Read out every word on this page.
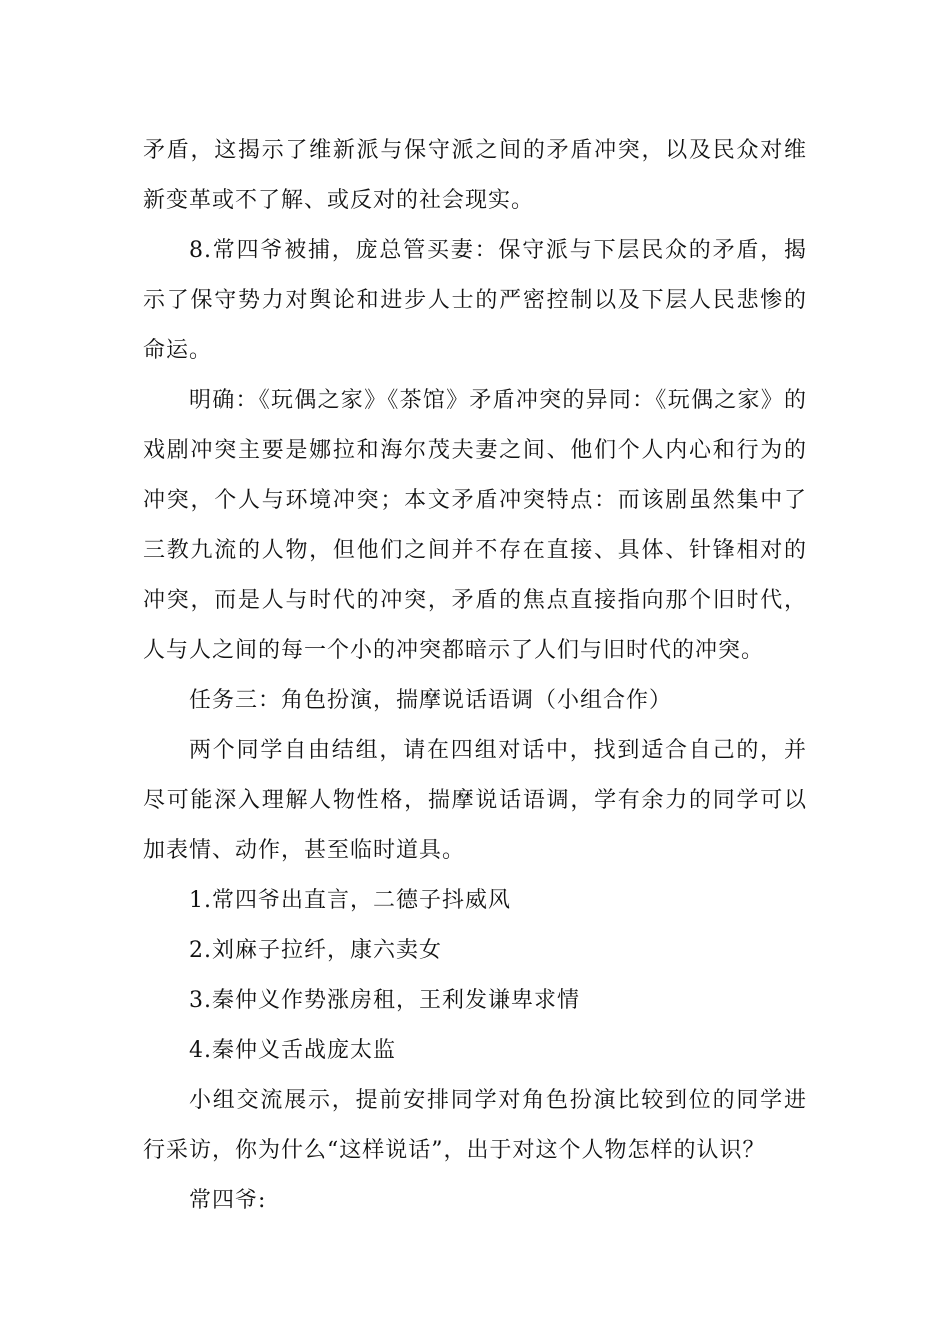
矛盾，这揭示了维新派与保守派之间的矛盾冲突，以及民众对维新变革或不了解、或反对的社会现实。

8.常四爷被捕，庞总管买妻：保守派与下层民众的矛盾，揭示了保守势力对舆论和进步人士的严密控制以及下层人民悲惨的命运。

明确：《玩偶之家》《茶馆》矛盾冲突的异同：《玩偶之家》的戏剧冲突主要是娜拉和海尔茂夫妻之间、他们个人内心和行为的冲突，个人与环境冲突；本文矛盾冲突特点：而该剧虽然集中了三教九流的人物，但他们之间并不存在直接、具体、针锋相对的冲突，而是人与时代的冲突，矛盾的焦点直接指向那个旧时代，人与人之间的每一个小的冲突都暗示了人们与旧时代的冲突。

任务三：角色扮演，揣摩说话语调（小组合作）

两个同学自由结组，请在四组对话中，找到适合自己的，并尽可能深入理解人物性格，揣摩说话语调，学有余力的同学可以加表情、动作，甚至临时道具。

1.常四爷出直言，二德子抖威风

2.刘麻子拉纤，康六卖女

3.秦仲义作势涨房租，王利发谦卑求情

4.秦仲义舌战庞太监

小组交流展示，提前安排同学对角色扮演比较到位的同学进行采访，你为什么“这样说话”，出于对这个人物怎样的认识？

常四爷:
